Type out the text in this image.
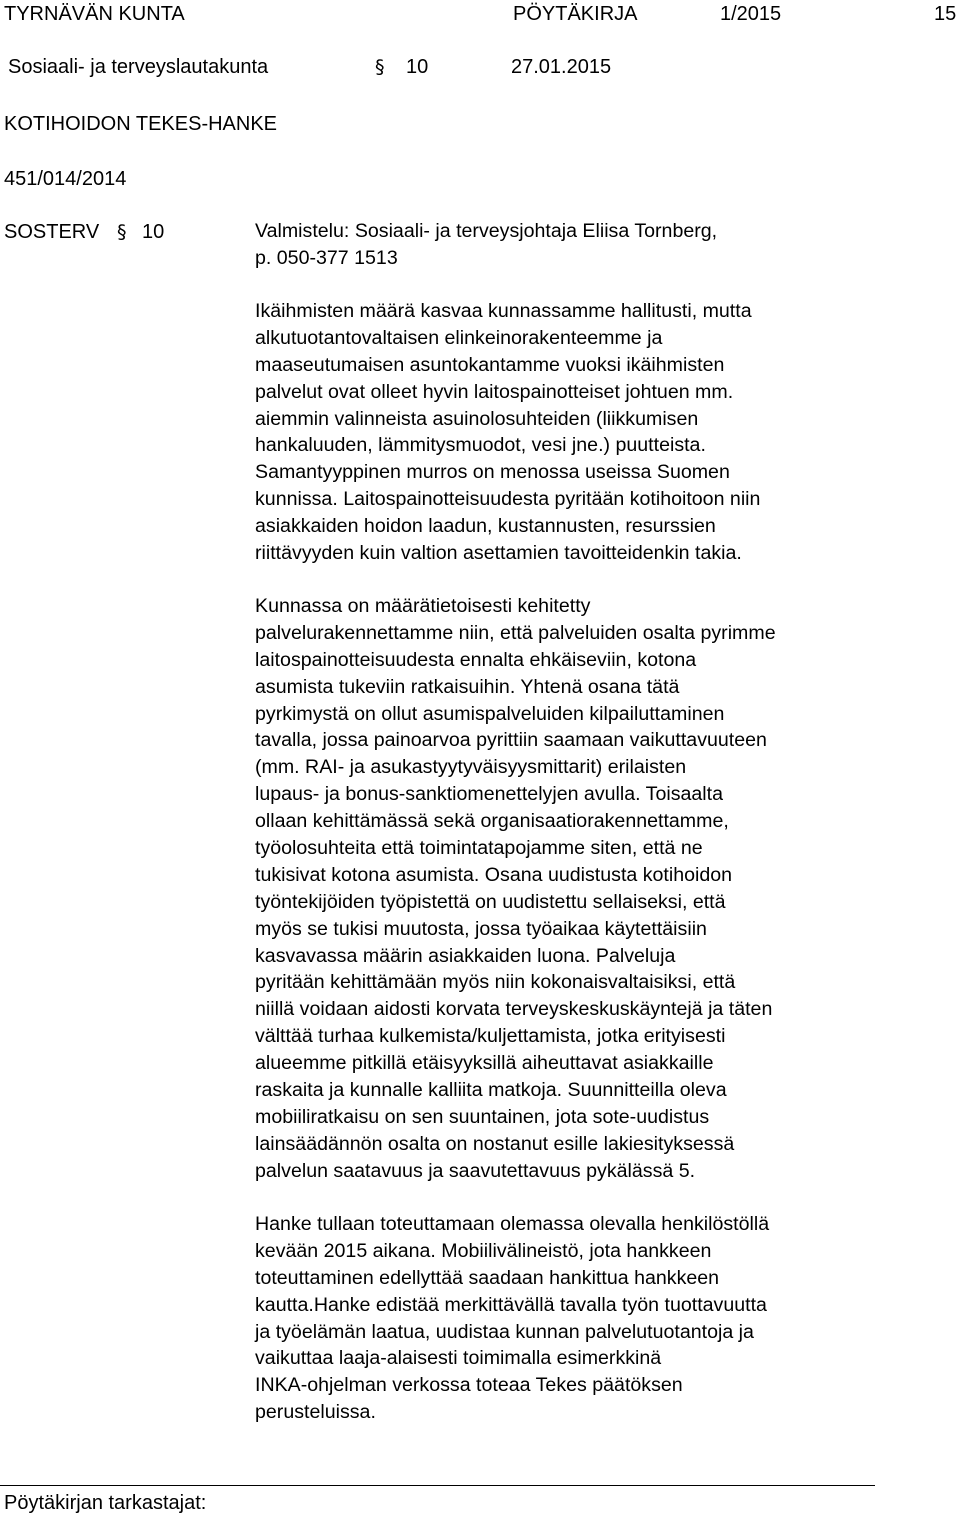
TYRNÄVÄN KUNTA	PÖYTÄKIRJA	1/2015	15
Sosiaali- ja terveyslautakunta	§ 10	27.01.2015
KOTIHOIDON TEKES-HANKE
451/014/2014
SOSTERV § 10	Valmistelu: Sosiaali- ja terveysjohtaja Eliisa Tornberg,
p. 050-377 1513
Ikäihmisten määrä kasvaa kunnassamme hallitusti, mutta
alkutuotantovaltaisen elinkeinorakenteemme ja
maaseutumaisen asuntokantamme vuoksi ikäihmisten
palvelut ovat olleet hyvin laitospainotteiset johtuen mm.
aiemmin valinneista asuinolosuhteiden (liikkumisen
hankaluuden, lämmitysmuodot, vesi jne.) puutteista.
Samantyyppinen murros on menossa useissa Suomen
kunnissa. Laitospainotteisuudesta pyritään kotihoitoon niin
asiakkaiden hoidon laadun, kustannusten, resurssien
riittävyyden kuin valtion asettamien tavoitteidenkin takia.
Kunnassa on määrätietoisesti kehitetty
palvelurakennettamme niin, että palveluiden osalta pyrimme
laitospainotteisuudesta ennalta ehkäiseviin, kotona
asumista tukeviin ratkaisuihin. Yhtenä osana tätä
pyrkimystä on ollut asumispalveluiden kilpailuttaminen
tavalla, jossa painoarvoa pyrittiin saamaan vaikuttavuuteen
(mm. RAI- ja asukastyytyväisyysmittarit) erilaisten
lupaus- ja bonus-sanktiomenettelyjen avulla. Toisaalta
ollaan kehittämässä sekä organisaatiorakennettamme,
työolosuhteita että toimintatapojamme siten, että ne
tukisivat kotona asumista. Osana uudistusta kotihoidon
työntekijöiden työpistettä on uudistettu sellaiseksi, että
myös se tukisi muutosta, jossa työaikaa käytettäisiin
kasvavassa määrin asiakkaiden luona. Palveluja
pyritään kehittämään myös niin kokonaisvaltaisiksi, että
niillä voidaan aidosti korvata terveyskeskuskäyntejä ja täten
välttää turhaa kulkemista/kuljettamista, jotka erityisesti
alueemme pitkillä etäisyyksillä aiheuttavat asiakkaille
raskaita ja kunnalle kalliita matkoja. Suunnitteilla oleva
mobiiliratkaisu on sen suuntainen, jota sote-uudistus
lainsäädännön osalta on nostanut esille lakiesityksessä
palvelun saatavuus ja saavutettavuus pykälässä 5.
Hanke tullaan toteuttamaan olemassa olevalla henkilöstöllä
kevään 2015 aikana. Mobiilivälineistö, jota hankkeen
toteuttaminen edellyttää saadaan hankittua hankkeen
kautta.Hanke edistää merkittävällä tavalla työn tuottavuutta
ja työelämän laatua, uudistaa kunnan palvelutuotantoja ja
vaikuttaa laaja-alaisesti toimimalla esimerkkinä
INKA-ohjelman verkossa toteaa Tekes päätöksen
perusteluissa.
Pöytäkirjan tarkastajat:
